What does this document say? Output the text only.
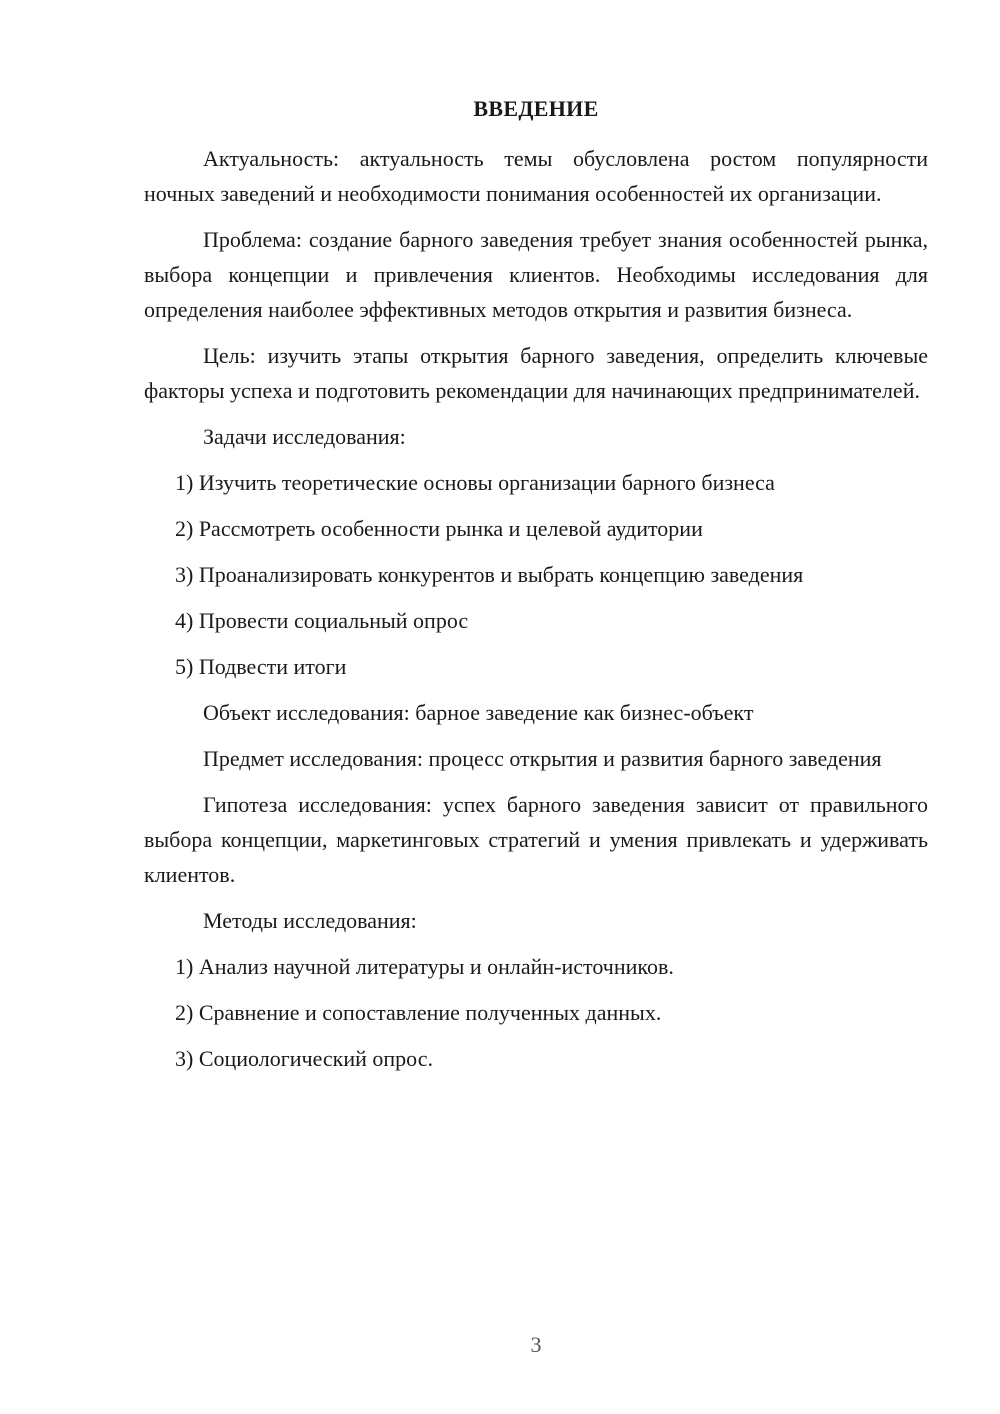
ВВЕДЕНИЕ

Актуальность: актуальность темы обусловлена ростом популярности ночных заведений и необходимости понимания особенностей их организации.

Проблема: создание барного заведения требует знания особенностей рынка, выбора концепции и привлечения клиентов. Необходимы исследования для определения наиболее эффективных методов открытия и развития бизнеса.

Цель: изучить этапы открытия барного заведения, определить ключевые факторы успеха и подготовить рекомендации для начинающих предпринимателей.

Задачи исследования:
1) Изучить теоретические основы организации барного бизнеса
2) Рассмотреть особенности рынка и целевой аудитории
3) Проанализировать конкурентов и выбрать концепцию заведения
4) Провести социальный опрос
5) Подвести итоги
Объект исследования: барное заведение как бизнес-объект

Предмет исследования: процесс открытия и развития барного заведения

Гипотеза исследования: успех барного заведения зависит от правильного выбора концепции, маркетинговых стратегий и умения привлекать и удерживать клиентов.

Методы исследования:
1) Анализ научной литературы и онлайн-источников.
2) Сравнение и сопоставление полученных данных.
3) Социологический опрос.
3
